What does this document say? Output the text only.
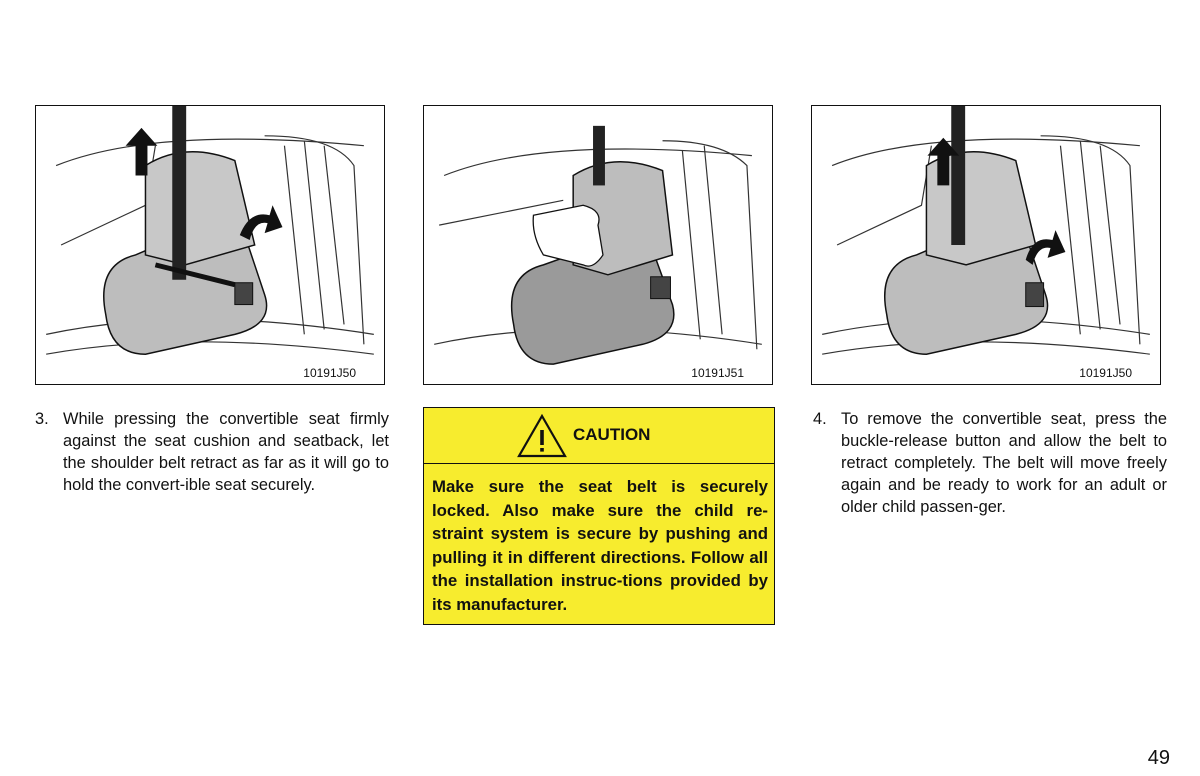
10191J50	10191J51	10191J50
3. While pressing the convertible seat firmly against the seat cushion and seatback, let the shoulder belt retract as far as it will go to hold the convert-ible seat securely.
CAUTION
Make sure the seat belt is securely locked. Also make sure the child re-straint system is secure by pushing and pulling it in different directions. Follow all the installation instruc-tions provided by its manufacturer.
4. To remove the convertible seat, press the buckle-release button and allow the belt to retract completely. The belt will move freely again and be ready to work for an adult or older child passen-ger.
49
